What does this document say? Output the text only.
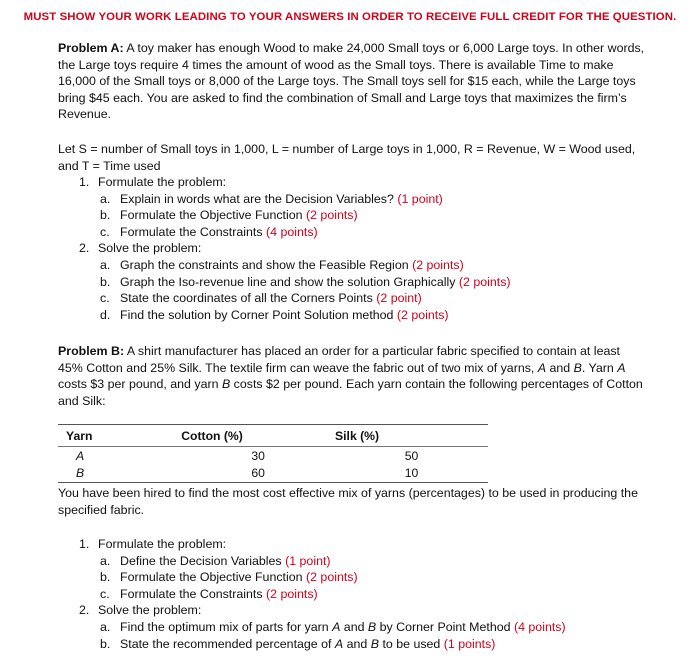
MUST SHOW YOUR WORK LEADING TO YOUR ANSWERS IN ORDER TO RECEIVE FULL CREDIT FOR THE QUESTION.

Problem A: A toy maker has enough Wood to make 24,000 Small toys or 6,000 Large toys. In other words, the Large toys require 4 times the amount of wood as the Small toys. There is available Time to make 16,000 of the Small toys or 8,000 of the Large toys. The Small toys sell for $15 each, while the Large toys bring $45 each. You are asked to find the combination of Small and Large toys that maximizes the firm’s Revenue.

Let S = number of Small toys in 1,000, L = number of Large toys in 1,000, R = Revenue, W = Wood used, and T = Time used

1. Formulate the problem:
a. Explain in words what are the Decision Variables? (1 point)
b. Formulate the Objective Function (2 points)
c. Formulate the Constraints (4 points)
2. Solve the problem:
a. Graph the constraints and show the Feasible Region (2 points)
b. Graph the Iso-revenue line and show the solution Graphically (2 points)
c. State the coordinates of all the Corners Points (2 point)
d. Find the solution by Corner Point Solution method (2 points)

Problem B: A shirt manufacturer has placed an order for a particular fabric specified to contain at least 45% Cotton and 25% Silk. The textile firm can weave the fabric out of two mix of yarns, A and B. Yarn A costs $3 per pound, and yarn B costs $2 per pound. Each yarn contain the following percentages of Cotton and Silk:

Yarn	Cotton (%)	Silk (%)
A	30	50
B	60	10

You have been hired to find the most cost effective mix of yarns (percentages) to be used in producing the specified fabric.

1. Formulate the problem:
a. Define the Decision Variables (1 point)
b. Formulate the Objective Function (2 points)
c. Formulate the Constraints (2 points)
2. Solve the problem:
a. Find the optimum mix of parts for yarn A and B by Corner Point Method (4 points)
b. State the recommended percentage of A and B to be used (1 points)
